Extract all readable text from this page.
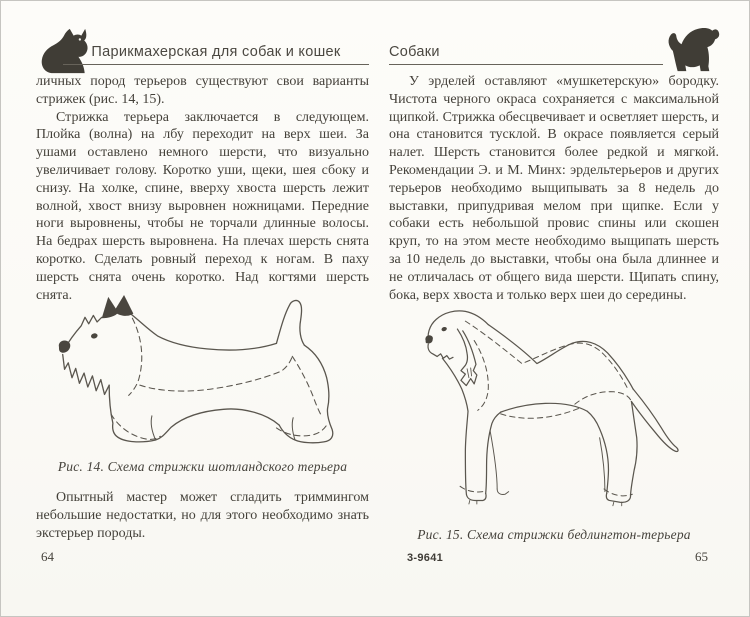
Парикмахерская для собак и кошек

личных пород терьеров существуют свои варианты стрижек (рис. 14, 15).

Стрижка терьера заключается в следующем. Плойка (волна) на лбу переходит на верх шеи. За ушами оставлено немного шерсти, что визуально увеличивает голову. Коротко уши, щеки, шея сбоку и снизу. На холке, спине, вверху хвоста шерсть лежит волной, хвост внизу выровнен ножницами. Передние ноги выровнены, чтобы не торчали длинные волосы. На бедрах шерсть выровнена. На плечах шерсть снята коротко. Сделать ровный переход к ногам. В паху шерсть снята очень коротко. Над когтями шерсть снята.

Рис. 14. Схема стрижки шотландского терьера

Опытный мастер может сгладить триммингом небольшие недостатки, но для этого необходимо знать экстерьер породы.

64
Собаки

У эрделей оставляют «мушкетерскую» бородку. Чистота черного окраса сохраняется с максимальной щипкой. Стрижка обесцвечивает и осветляет шерсть, и она становится тусклой. В окрасе появляется серый налет. Шерсть становится более редкой и мягкой. Рекомендации Э. и М. Минх: эрдельтерьеров и других терьеров необходимо выщипывать за 8 недель до выставки, припудривая мелом при щипке. Если у собаки есть небольшой провис спины или скошен круп, то на этом месте необходимо выщипать шерсть за 10 недель до выставки, чтобы она была длиннее и не отличалась от общего вида шерсти. Щипать спину, бока, верх хвоста и только верх шеи до середины.

Рис. 15. Схема стрижки бедлингтон-терьера
3-9641	65
